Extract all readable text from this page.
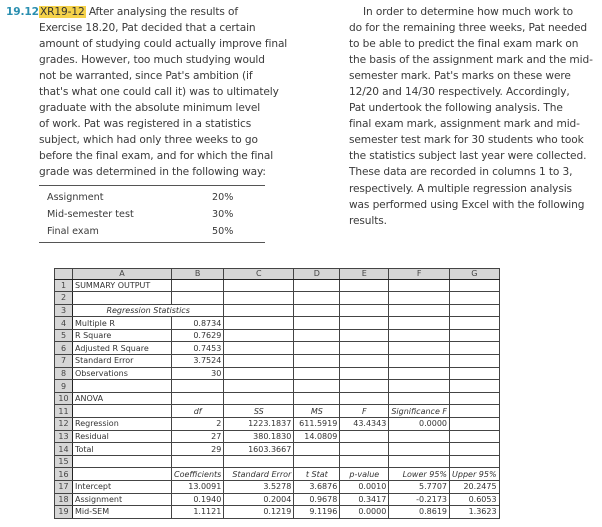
19.12 XR19-12 After analysing the results of
Exercise 18.20, Pat decided that a certain
amount of studying could actually improve final
grades. However, too much studying would
not be warranted, since Pat's ambition (if
that's what one could call it) was to ultimately
graduate with the absolute minimum level
of work. Pat was registered in a statistics
subject, which had only three weeks to go
before the final exam, and for which the final
grade was determined in the following way:
Assignment	20%
Mid-semester test	30%
Final exam	50%
In order to determine how much work to
do for the remaining three weeks, Pat needed
to be able to predict the final exam mark on
the basis of the assignment mark and the mid-
semester mark. Pat's marks on these were
12/20 and 14/30 respectively. Accordingly,
Pat undertook the following analysis. The
final exam mark, assignment mark and mid-
semester test mark for 30 students who took
the statistics subject last year were collected.
These data are recorded in columns 1 to 3,
respectively. A multiple regression analysis
was performed using Excel with the following
results.
	A	B	C	D	E	F	G
1	SUMMARY OUTPUT						
2							
3	Regression Statistics						
4	Multiple R	0.8734					
5	R Square	0.7629					
6	Adjusted R Square	0.7453					
7	Standard Error	3.7524					
8	Observations	30					
9							
10	ANOVA						
11		df	SS	MS	F	Significance F	
12	Regression	2	1223.1837	611.5919	43.4343	0.0000	
13	Residual	27	380.1830	14.0809			
14	Total	29	1603.3667				
15							
16		Coefficients	Standard Error	t Stat	p-value	Lower 95%	Upper 95%
17	Intercept	13.0091	3.5278	3.6876	0.0010	5.7707	20.2475
18	Assignment	0.1940	0.2004	0.9678	0.3417	-0.2173	0.6053
19	Mid-SEM	1.1121	0.1219	9.1196	0.0000	0.8619	1.3623
